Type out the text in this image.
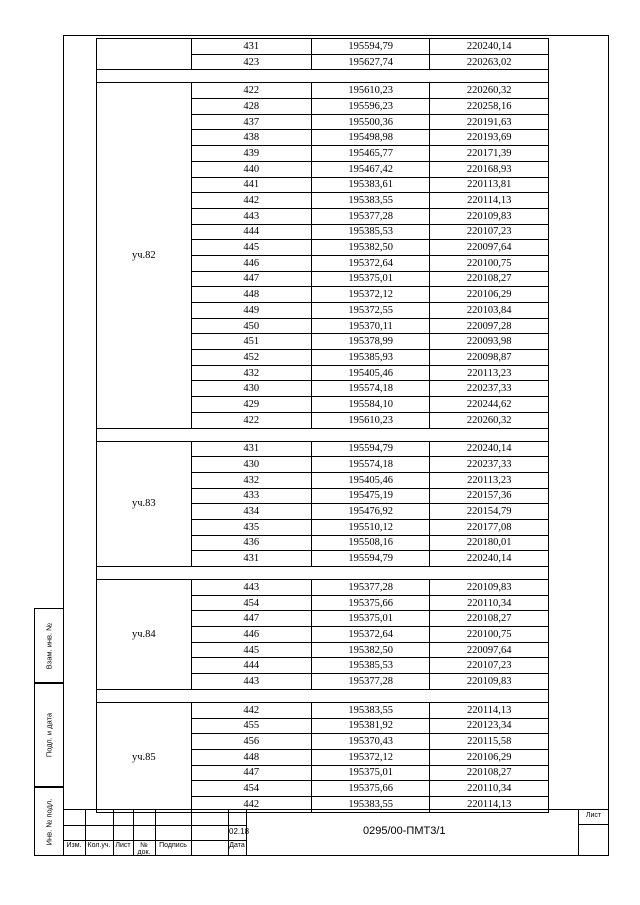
Взам. инв. №
Подп. и дата
Инв. № подл.
	431	195594,79	220240,14
	423	195627,74	220263,02

уч.82	422	195610,23	220260,32
	428	195596,23	220258,16
	437	195500,36	220191,63
	438	195498,98	220193,69
	439	195465,77	220171,39
	440	195467,42	220168,93
	441	195383,61	220113,81
	442	195383,55	220114,13
	443	195377,28	220109,83
	444	195385,53	220107,23
	445	195382,50	220097,64
	446	195372,64	220100,75
	447	195375,01	220108,27
	448	195372,12	220106,29
	449	195372,55	220103,84
	450	195370,11	220097,28
	451	195378,99	220093,98
	452	195385,93	220098,87
	432	195405,46	220113,23
	430	195574,18	220237,33
	429	195584,10	220244,62
	422	195610,23	220260,32

уч.83	431	195594,79	220240,14
	430	195574,18	220237,33
	432	195405,46	220113,23
	433	195475,19	220157,36
	434	195476,92	220154,79
	435	195510,12	220177,08
	436	195508,16	220180,01
	431	195594,79	220240,14

уч.84	443	195377,28	220109,83
	454	195375,66	220110,34
	447	195375,01	220108,27
	446	195372,64	220100,75
	445	195382,50	220097,64
	444	195385,53	220107,23
	443	195377,28	220109,83

уч.85	442	195383,55	220114,13
	455	195381,92	220123,34
	456	195370,43	220115,58
	448	195372,12	220106,29
	447	195375,01	220108,27
	454	195375,66	220110,34
	442	195383,55	220114,13
Изм. Кол.уч. Лист	№ док.
Подпись	Дата
02.18	0295/00-ПМТ3/1
Лист
